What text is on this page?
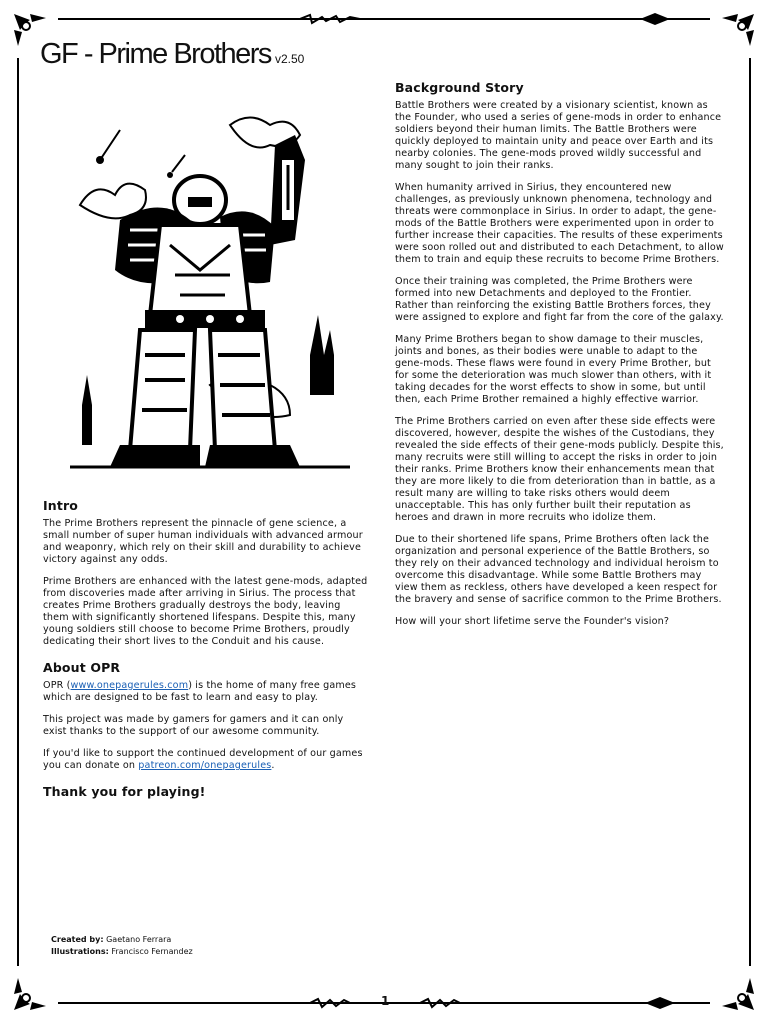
GF - Prime Brothers v2.50
Intro

The Prime Brothers represent the pinnacle of gene science, a small number of super human individuals with advanced armour and weaponry, which rely on their skill and durability to achieve victory against any odds.

Prime Brothers are enhanced with the latest gene-mods, adapted from discoveries made after arriving in Sirius. The process that creates Prime Brothers gradually destroys the body, leaving them with significantly shortened lifespans. Despite this, many young soldiers still choose to become Prime Brothers, proudly dedicating their short lives to the Conduit and his cause.

About OPR

OPR (www.onepagerules.com) is the home of many free games which are designed to be fast to learn and easy to play.

This project was made by gamers for gamers and it can only exist thanks to the support of our awesome community.

If you'd like to support the continued development of our games you can donate on patreon.com/onepagerules.

Thank you for playing!
Background Story

Battle Brothers were created by a visionary scientist, known as the Founder, who used a series of gene-mods in order to enhance soldiers beyond their human limits. The Battle Brothers were quickly deployed to maintain unity and peace over Earth and its nearby colonies. The gene-mods proved wildly successful and many sought to join their ranks.

When humanity arrived in Sirius, they encountered new challenges, as previously unknown phenomena, technology and threats were commonplace in Sirius. In order to adapt, the gene-mods of the Battle Brothers were experimented upon in order to further increase their capacities. The results of these experiments were soon rolled out and distributed to each Detachment, to allow them to train and equip these recruits to become Prime Brothers.

Once their training was completed, the Prime Brothers were formed into new Detachments and deployed to the Frontier. Rather than reinforcing the existing Battle Brothers forces, they were assigned to explore and fight far from the core of the galaxy.

Many Prime Brothers began to show damage to their muscles, joints and bones, as their bodies were unable to adapt to the gene-mods. These flaws were found in every Prime Brother, but for some the deterioration was much slower than others, with it taking decades for the worst effects to show in some, but until then, each Prime Brother remained a highly effective warrior.

The Prime Brothers carried on even after these side effects were discovered, however, despite the wishes of the Custodians, they revealed the side effects of their gene-mods publicly. Despite this, many recruits were still willing to accept the risks in order to join their ranks. Prime Brothers know their enhancements mean that they are more likely to die from deterioration than in battle, as a result many are willing to take risks others would deem unacceptable. This has only further built their reputation as heroes and drawn in more recruits who idolize them.

Due to their shortened life spans, Prime Brothers often lack the organization and personal experience of the Battle Brothers, so they rely on their advanced technology and individual heroism to overcome this disadvantage. While some Battle Brothers may view them as reckless, others have developed a keen respect for the bravery and sense of sacrifice common to the Prime Brothers.

How will your short lifetime serve the Founder's vision?

Created by: Gaetano Ferrara
Illustrations: Francisco Fernandez
1
